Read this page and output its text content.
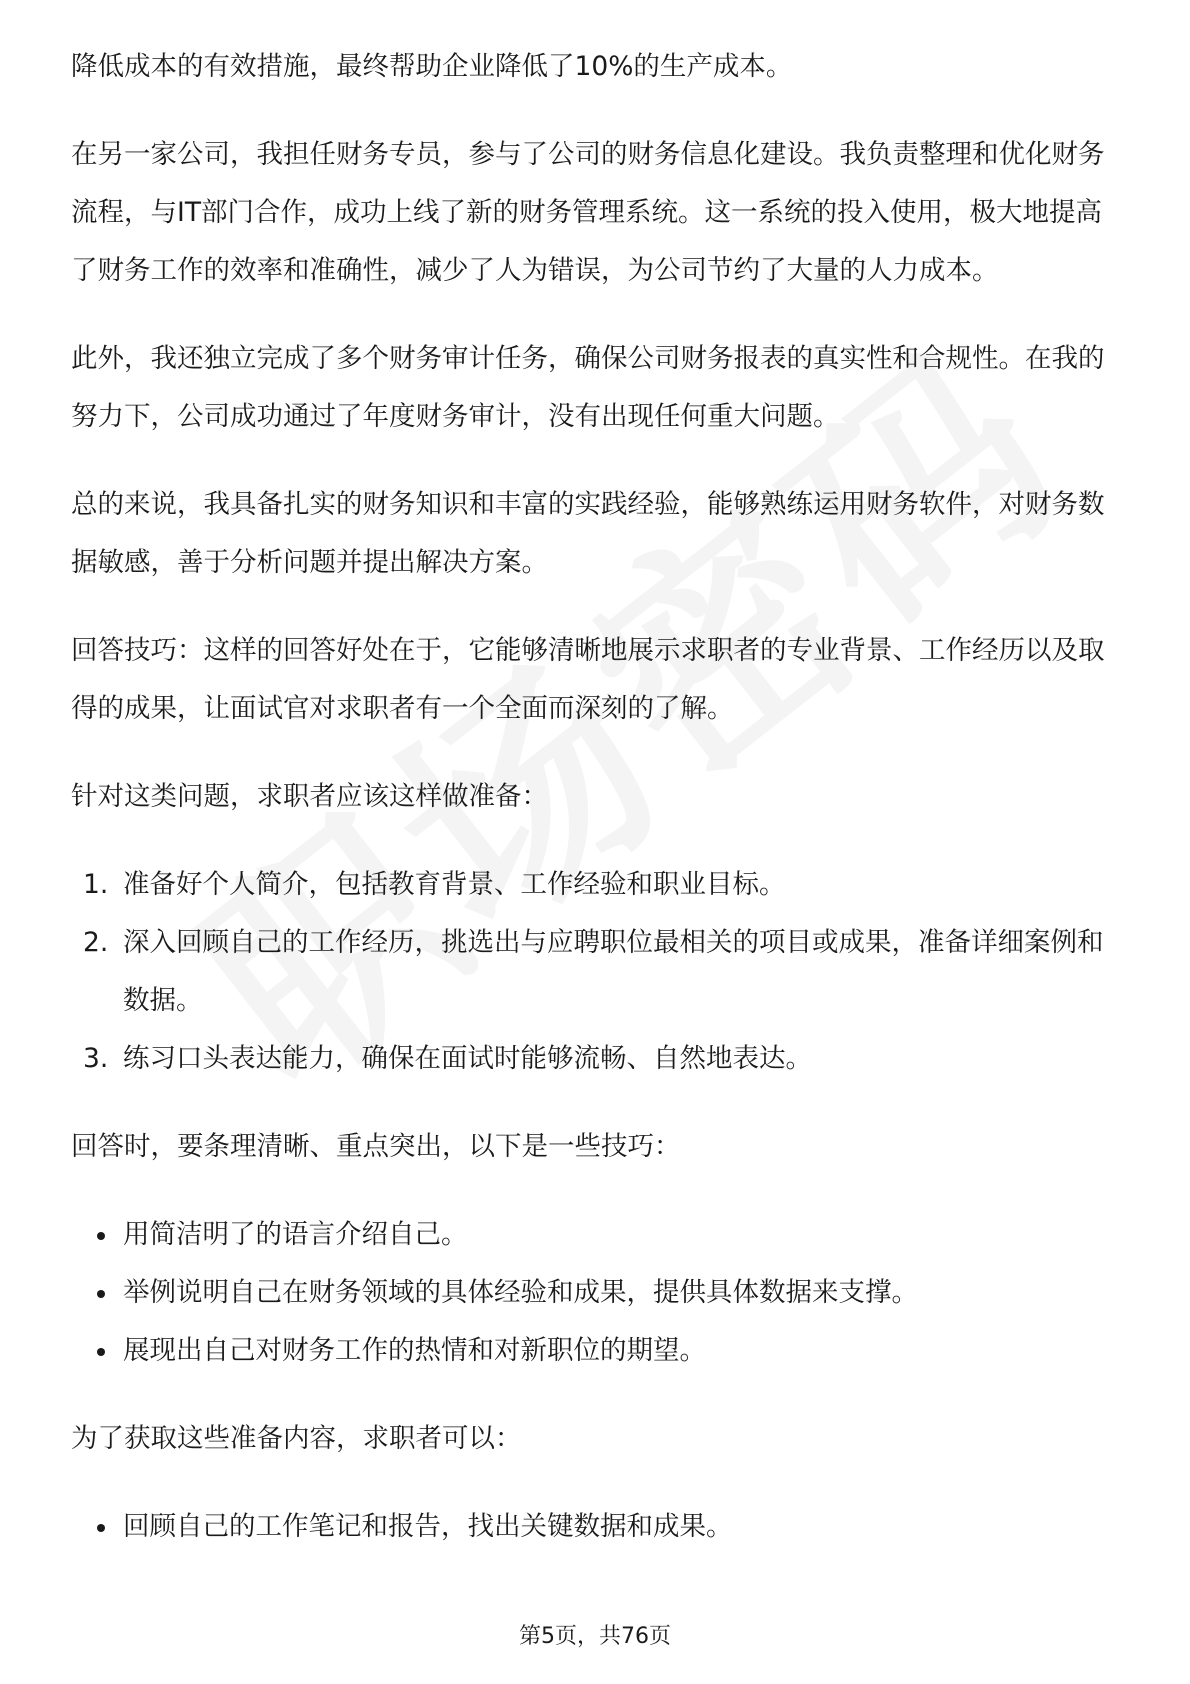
降低成本的有效措施，最终帮助企业降低了10%的生产成本。

在另一家公司，我担任财务专员，参与了公司的财务信息化建设。我负责整理和优化财务流程，与IT部门合作，成功上线了新的财务管理系统。这一系统的投入使用，极大地提高了财务工作的效率和准确性，减少了人为错误，为公司节约了大量的人力成本。

此外，我还独立完成了多个财务审计任务，确保公司财务报表的真实性和合规性。在我的努力下，公司成功通过了年度财务审计，没有出现任何重大问题。

总的来说，我具备扎实的财务知识和丰富的实践经验，能够熟练运用财务软件，对财务数据敏感，善于分析问题并提出解决方案。

回答技巧：这样的回答好处在于，它能够清晰地展示求职者的专业背景、工作经历以及取得的成果，让面试官对求职者有一个全面而深刻的了解。

针对这类问题，求职者应该这样做准备：

1. 准备好个人简介，包括教育背景、工作经验和职业目标。
2. 深入回顾自己的工作经历，挑选出与应聘职位最相关的项目或成果，准备详细案例和数据。
3. 练习口头表达能力，确保在面试时能够流畅、自然地表达。

回答时，要条理清晰、重点突出，以下是一些技巧：

用简洁明了的语言介绍自己。
举例说明自己在财务领域的具体经验和成果，提供具体数据来支撑。
展现出自己对财务工作的热情和对新职位的期望。

为了获取这些准备内容，求职者可以：

回顾自己的工作笔记和报告，找出关键数据和成果。
第5页，共76页
